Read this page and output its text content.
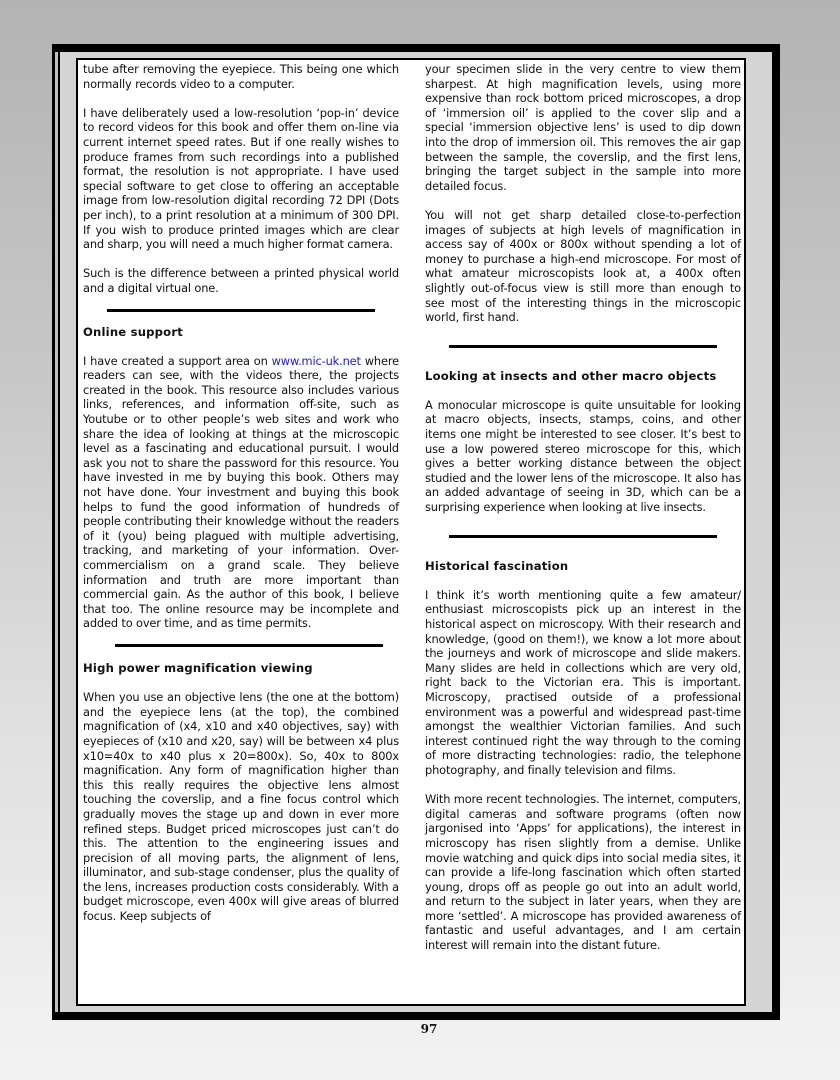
tube after removing the eyepiece. This being one which normally records video to a computer.

I have deliberately used a low-resolution ‘pop-in’ device to record videos for this book and offer them on-line via current internet speed rates. But if one really wishes to produce frames from such recordings into a published format, the resolution is not appropriate. I have used special software to get close to offering an acceptable image from low-resolution digital recording 72 DPI (Dots per inch), to a print resolution at a minimum of 300 DPI. If you wish to produce printed images which are clear and sharp, you will need a much higher format camera.

Such is the difference between a printed physical world and a digital virtual one.

Online support

I have created a support area on www.mic-uk.net where readers can see, with the videos there, the projects created in the book. This resource also includes various links, references, and information off-site, such as Youtube or to other people’s web sites and work who share the idea of looking at things at the microscopic level as a fascinating and educational pursuit. I would ask you not to share the password for this resource. You have invested in me by buying this book. Others may not have done. Your investment and buying this book helps to fund the good information of hundreds of people contributing their knowledge without the readers of it (you) being plagued with multiple advertising, tracking, and marketing of your information. Over-commercialism on a grand scale. They believe information and truth are more important than commercial gain. As the author of this book, I believe that too. The online resource may be incomplete and added to over time, and as time permits.

High power magnification viewing

When you use an objective lens (the one at the bottom) and the eyepiece lens (at the top), the combined magnification of (x4, x10 and x40 objectives, say) with eyepieces of (x10 and x20, say) will be between x4 plus x10=40x to x40 plus x 20=800x). So, 40x to 800x magnification. Any form of magnification higher than this this really requires the objective lens almost touching the coverslip, and a fine focus control which gradually moves the stage up and down in ever more refined steps. Budget priced microscopes just can’t do this. The attention to the engineering issues and precision of all moving parts, the alignment of lens, illuminator, and sub-stage condenser, plus the quality of the lens, increases production costs considerably. With a budget microscope, even 400x will give areas of blurred focus. Keep subjects of

your specimen slide in the very centre to view them sharpest. At high magnification levels, using more expensive than rock bottom priced microscopes, a drop of ‘immersion oil’ is applied to the cover slip and a special ‘immersion objective lens’ is used to dip down into the drop of immersion oil. This removes the air gap between the sample, the coverslip, and the first lens, bringing the target subject in the sample into more detailed focus.

You will not get sharp detailed close-to-perfection images of subjects at high levels of magnification in access say of 400x or 800x without spending a lot of money to purchase a high-end microscope. For most of what amateur microscopists look at, a 400x often slightly out-of-focus view is still more than enough to see most of the interesting things in the microscopic world, first hand.

Looking at insects and other macro objects

A monocular microscope is quite unsuitable for looking at macro objects, insects, stamps, coins, and other items one might be interested to see closer. It’s best to use a low powered stereo microscope for this, which gives a better working distance between the object studied and the lower lens of the microscope. It also has an added advantage of seeing in 3D, which can be a surprising experience when looking at live insects.

Historical fascination

I think it’s worth mentioning quite a few amateur/ enthusiast microscopists pick up an interest in the historical aspect on microscopy. With their research and knowledge, (good on them!), we know a lot more about the journeys and work of microscope and slide makers. Many slides are held in collections which are very old, right back to the Victorian era. This is important. Microscopy, practised outside of a professional environment was a powerful and widespread past-time amongst the wealthier Victorian families. And such interest continued right the way through to the coming of more distracting technologies: radio, the telephone photography, and finally television and films.

With more recent technologies. The internet, computers, digital cameras and software programs (often now jargonised into ‘Apps’ for applications), the interest in microscopy has risen slightly from a demise. Unlike movie watching and quick dips into social media sites, it can provide a life-long fascination which often started young, drops off as people go out into an adult world, and return to the subject in later years, when they are more ‘settled’. A microscope has provided awareness of fantastic and useful advantages, and I am certain interest will remain into the distant future.

97
